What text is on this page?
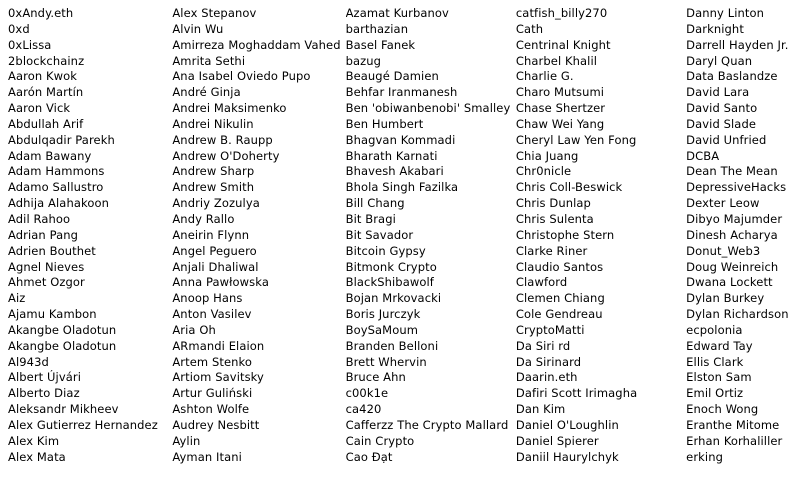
0xAndy.eth
0xd
0xLissa
2blockchainz
Aaron Kwok
Aarón Martín
Aaron Vick
Abdullah Arif
Abdulqadir Parekh
Adam Bawany
Adam Hammons
Adamo Sallustro
Adhija Alahakoon
Adil Rahoo
Adrian Pang
Adrien Bouthet
Agnel Nieves
Ahmet Ozgor
Aiz
Ajamu Kambon
Akangbe Oladotun
Akangbe Oladotun
Al943d
Albert Újvári
Alberto Diaz
Aleksandr Mikheev
Alex Gutierrez Hernandez
Alex Kim
Alex Mata
Alex Stepanov
Alvin Wu
Amirreza Moghaddam Vahed
Amrita Sethi
Ana Isabel Oviedo Pupo
André Ginja
Andrei Maksimenko
Andrei Nikulin
Andrew B. Raupp
Andrew O'Doherty
Andrew Sharp
Andrew Smith
Andriy Zozulya
Andy Rallo
Aneirin Flynn
Angel Peguero
Anjali Dhaliwal
Anna Pawłowska
Anoop Hans
Anton Vasilev
Aria Oh
ARmandi Elaion
Artem Stenko
Artiom Savitsky
Artur Guliński
Ashton Wolfe
Audrey Nesbitt
Aylin
Ayman Itani
Azamat Kurbanov
barthazian
Basel Fanek
bazug
Beaugé Damien
Behfar Iranmanesh
Ben 'obiwanbenobi' Smalley
Ben Humbert
Bhagvan Kommadi
Bharath Karnati
Bhavesh Akabari
Bhola Singh Fazilka
Bill Chang
Bit Bragi
Bit Savador
Bitcoin Gypsy
Bitmonk Crypto
BlackShibawolf
Bojan Mrkovacki
Boris Jurczyk
BoySaMoum
Branden Belloni
Brett Whervin
Bruce Ahn
c00k1e
ca420
Cafferzz The Crypto Mallard
Cain Crypto
Cao Đạt
catfish_billy270
Cath
Centrinal Knight
Charbel Khalil
Charlie G.
Charo Mutsumi
Chase Shertzer
Chaw Wei Yang
Cheryl Law Yen Fong
Chia Juang
Chr0nicle
Chris Coll-Beswick
Chris Dunlap
Chris Sulenta
Christophe Stern
Clarke Riner
Claudio Santos
Clawford
Clemen Chiang
Cole Gendreau
CryptoMatti
Da Siri rd
Da Sirinard
Daarin.eth
Dafiri Scott Irimagha
Dan Kim
Daniel O'Loughlin
Daniel Spierer
Daniil Haurylchyk
Danny Linton
Darknight
Darrell Hayden Jr.
Daryl Quan
Data Baslandze
David Lara
David Santo
David Slade
David Unfried
DCBA
Dean The Mean
DepressiveHacks
Dexter Leow
Dibyo Majumder
Dinesh Acharya
Donut_Web3
Doug Weinreich
Dwana Lockett
Dylan Burkey
Dylan Richardson
ecpolonia
Edward Tay
Ellis Clark
Elston Sam
Emil Ortiz
Enoch Wong
Eranthe Mitome
Erhan Korhaliller
erking
